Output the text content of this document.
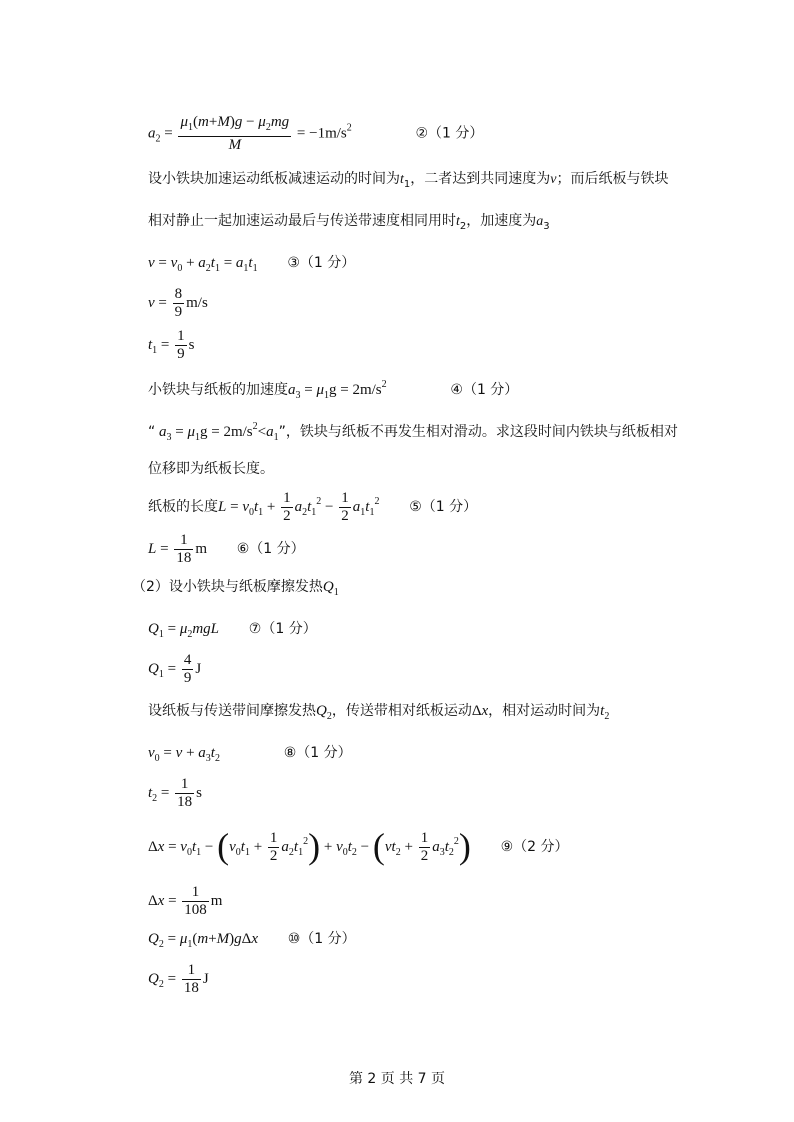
$a_2 = \frac{\mu_1(m+M)g - \mu_2mg}{M} = -1m/s^2$	②（1 分）
设小铁块加速运动纸板减速运动的时间为$t_1$，二者达到共同速度为v；而后纸板与铁块
相对静止一起加速运动最后与传送带速度相同用时$t_2$，加速度为$a_3$
$v = v_0 + a_2t_1 = a_1t_1$ ③（1 分）
$v = \frac{8}{9} m/s$
$t_1 = \frac{1}{9}$ s
小铁块与纸板的加速度$a_3 = \mu_1g = 2m/s^2$	④（1 分）
“ $a_3 = \mu_1g = 2m/s^2<a_1$”，铁块与纸板不再发生相对滑动。求这段时间内铁块与纸板相对
位移即为纸板长度。
纸板的长度$L = v_0t_1 + \frac{1}{2} a_2t_1^2 - \frac{1}{2} a_1t_1^2$ ⑤（1 分）
$L = \frac{1}{18}$ m ⑥（1 分）
（2）设小铁块与纸板摩擦发热$Q_1$
$Q_1 = \mu_2mgL$ ⑦（1 分）
$Q_1 = \frac{4}{9}$ J
设纸板与传送带间摩擦发热$Q_2$，传送带相对纸板运动Δx，相对运动时间为$t_2$
$v_0 = v + a_3t_2$	⑧（1 分）
$t_2 = \frac{1}{18}$ s
$\Delta x = v_0t_1 - (v_0t_1 + \frac{1}{2} a_2t_1^2) + v_0t_2 - (vt_2 + \frac{1}{2} a_3t_2^2)$ ⑨（2 分）
$\Delta x = \frac{1}{108}$ m
$Q_2 = \mu_1(m+M)g\Delta x$ ⑩（1 分）
$Q_2 = \frac{1}{18}$ J
第 2 页 共 7 页
